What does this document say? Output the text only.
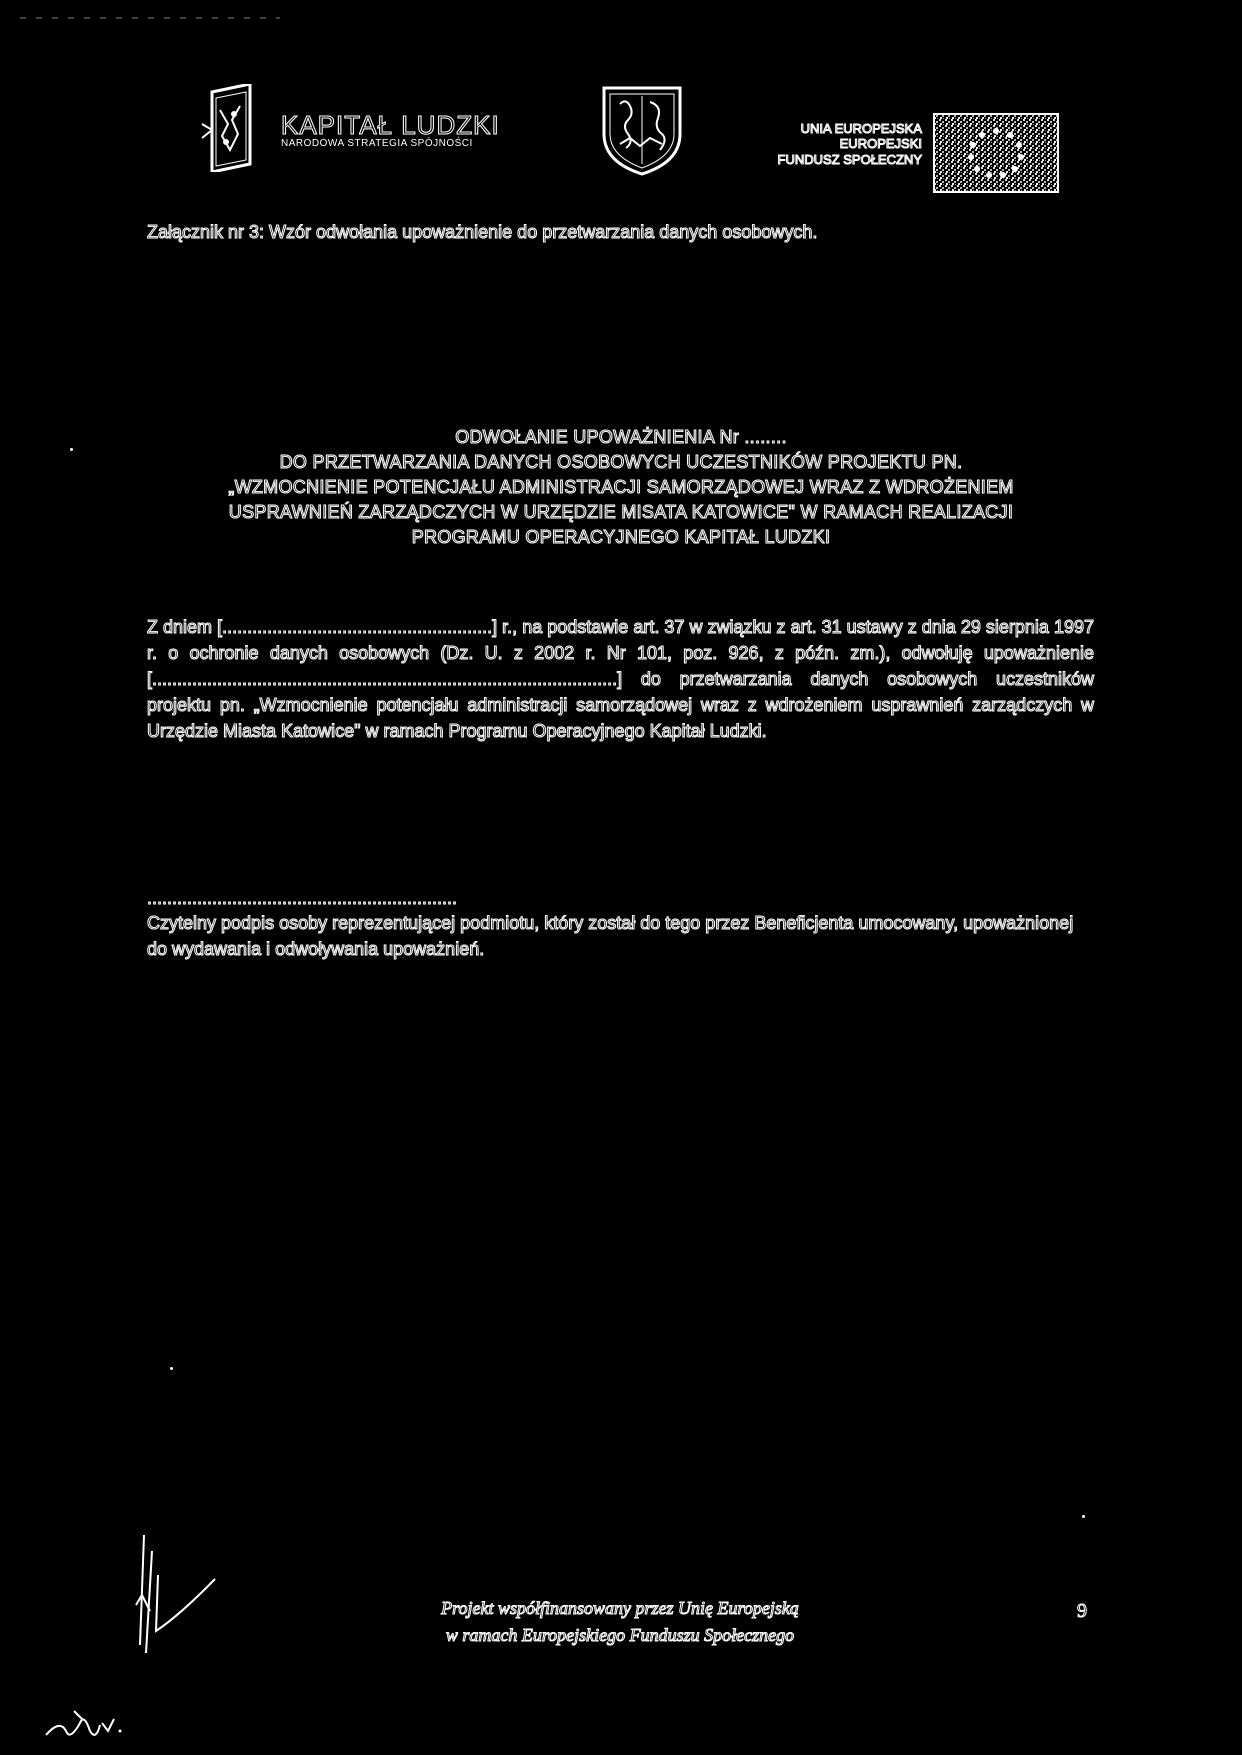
KAPITAŁ LUDZKI
NARODOWA STRATEGIA SPÓJNOŚCI
UNIA EUROPEJSKA
EUROPEJSKI
FUNDUSZ SPOŁECZNY
Załącznik nr 3: Wzór odwołania upoważnienie do przetwarzania danych osobowych.
ODWOŁANIE UPOWAŻNIENIA Nr ........
DO PRZETWARZANIA DANYCH OSOBOWYCH UCZESTNIKÓW PROJEKTU PN.
„WZMOCNIENIE POTENCJAŁU ADMINISTRACJI SAMORZĄDOWEJ WRAZ Z WDROŻENIEM
USPRAWNIEŃ ZARZĄDCZYCH W URZĘDZIE MISATA KATOWICE" W RAMACH REALIZACJI
PROGRAMU OPERACYJNEGO KAPITAŁ LUDZKI

Z dniem [......................................................] r., na podstawie art. 37 w związku z art. 31 ustawy z dnia 29 sierpnia 1997 r. o ochronie danych osobowych (Dz. U. z 2002 r. Nr 101, poz. 926, z późn. zm.), odwołuję upoważnienie [.............................................................................................] do przetwarzania danych osobowych uczestników projektu pn. „Wzmocnienie potencjału administracji samorządowej wraz z wdrożeniem usprawnień zarządczych w Urzędzie Miasta Katowice" w ramach Programu Operacyjnego Kapitał Ludzki.

..............................................................
Czytelny podpis osoby reprezentującej podmiotu, który został do tego przez Beneficjenta umocowany, upoważnionej do wydawania i odwoływania upoważnień.
Projekt współfinansowany przez Unię Europejską
w ramach Europejskiego Funduszu Społecznego
9
